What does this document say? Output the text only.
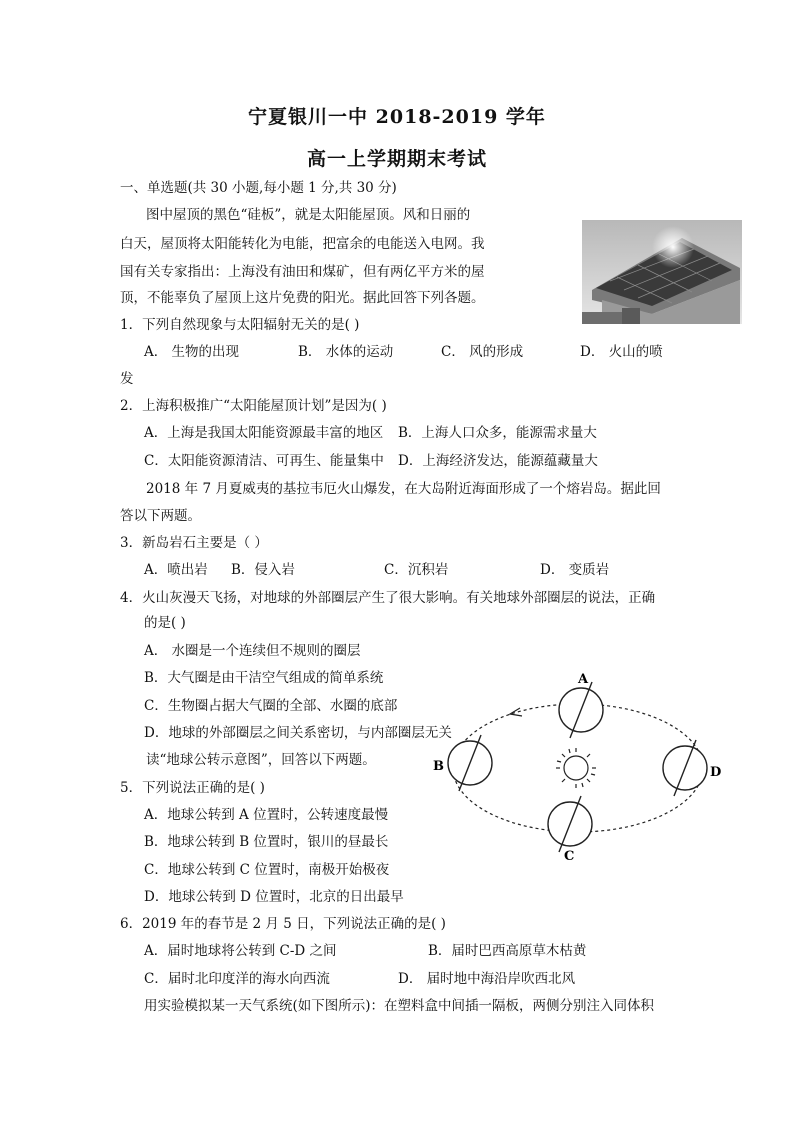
宁夏银川一中 2018-2019 学年
高一上学期期末考试
一、单选题(共 30 小题,每小题 1 分,共 30 分)
图中屋顶的黑色“硅板”，就是太阳能屋顶。风和日丽的
白天，屋顶将太阳能转化为电能，把富余的电能送入电网。我
国有关专家指出：上海没有油田和煤矿，但有两亿平方米的屋
顶，不能辜负了屋顶上这片免费的阳光。据此回答下列各题。
1．下列自然现象与太阳辐射无关的是( )
A． 生物的出现	B． 水体的运动	C． 风的形成	D． 火山的喷
发
2．上海积极推广“太阳能屋顶计划”是因为( )
A．上海是我国太阳能资源最丰富的地区 B．上海人口众多，能源需求量大
C．太阳能资源清洁、可再生、能量集中 D．上海经济发达，能源蕴藏量大
2018 年 7 月夏威夷的基拉韦厄火山爆发，在大岛附近海面形成了一个熔岩岛。据此回
答以下两题。
3．新岛岩石主要是（ ）
A．喷出岩 B．侵入岩	C．沉积岩	D． 变质岩
4．火山灰漫天飞扬，对地球的外部圈层产生了很大影响。有关地球外部圈层的说法，正确
的是( )
A． 水圈是一个连续但不规则的圈层
B．大气圈是由干洁空气组成的简单系统
C．生物圈占据大气圈的全部、水圈的底部
D．地球的外部圈层之间关系密切，与内部圈层无关
读“地球公转示意图”，回答以下两题。
5．下列说法正确的是( )
A．地球公转到 A 位置时，公转速度最慢
B．地球公转到 B 位置时，银川的昼最长
C．地球公转到 C 位置时，南极开始极夜
D．地球公转到 D 位置时，北京的日出最早
6．2019 年的春节是 2 月 5 日，下列说法正确的是( )
A．届时地球将公转到 C-D 之间	B．届时巴西高原草木枯黄
C．届时北印度洋的海水向西流	D． 届时地中海沿岸吹西北风
用实验模拟某一天气系统(如下图所示)：在塑料盒中间插一隔板，两侧分别注入同体积
A
B
C
D
